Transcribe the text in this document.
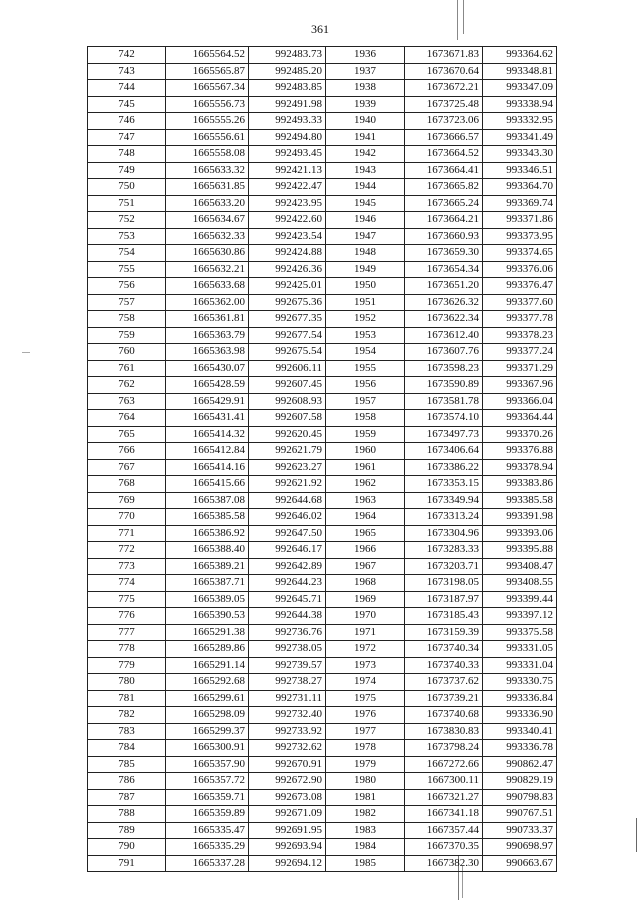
361
742	1665564.52	992483.73	1936	1673671.83	993364.62
743	1665565.87	992485.20	1937	1673670.64	993348.81
744	1665567.34	992483.85	1938	1673672.21	993347.09
745	1665556.73	992491.98	1939	1673725.48	993338.94
746	1665555.26	992493.33	1940	1673723.06	993332.95
747	1665556.61	992494.80	1941	1673666.57	993341.49
748	1665558.08	992493.45	1942	1673664.52	993343.30
749	1665633.32	992421.13	1943	1673664.41	993346.51
750	1665631.85	992422.47	1944	1673665.82	993364.70
751	1665633.20	992423.95	1945	1673665.24	993369.74
752	1665634.67	992422.60	1946	1673664.21	993371.86
753	1665632.33	992423.54	1947	1673660.93	993373.95
754	1665630.86	992424.88	1948	1673659.30	993374.65
755	1665632.21	992426.36	1949	1673654.34	993376.06
756	1665633.68	992425.01	1950	1673651.20	993376.47
757	1665362.00	992675.36	1951	1673626.32	993377.60
758	1665361.81	992677.35	1952	1673622.34	993377.78
759	1665363.79	992677.54	1953	1673612.40	993378.23
760	1665363.98	992675.54	1954	1673607.76	993377.24
761	1665430.07	992606.11	1955	1673598.23	993371.29
762	1665428.59	992607.45	1956	1673590.89	993367.96
763	1665429.91	992608.93	1957	1673581.78	993366.04
764	1665431.41	992607.58	1958	1673574.10	993364.44
765	1665414.32	992620.45	1959	1673497.73	993370.26
766	1665412.84	992621.79	1960	1673406.64	993376.88
767	1665414.16	992623.27	1961	1673386.22	993378.94
768	1665415.66	992621.92	1962	1673353.15	993383.86
769	1665387.08	992644.68	1963	1673349.94	993385.58
770	1665385.58	992646.02	1964	1673313.24	993391.98
771	1665386.92	992647.50	1965	1673304.96	993393.06
772	1665388.40	992646.17	1966	1673283.33	993395.88
773	1665389.21	992642.89	1967	1673203.71	993408.47
774	1665387.71	992644.23	1968	1673198.05	993408.55
775	1665389.05	992645.71	1969	1673187.97	993399.44
776	1665390.53	992644.38	1970	1673185.43	993397.12
777	1665291.38	992736.76	1971	1673159.39	993375.58
778	1665289.86	992738.05	1972	1673740.34	993331.05
779	1665291.14	992739.57	1973	1673740.33	993331.04
780	1665292.68	992738.27	1974	1673737.62	993330.75
781	1665299.61	992731.11	1975	1673739.21	993336.84
782	1665298.09	992732.40	1976	1673740.68	993336.90
783	1665299.37	992733.92	1977	1673830.83	993340.41
784	1665300.91	992732.62	1978	1673798.24	993336.78
785	1665357.90	992670.91	1979	1667272.66	990862.47
786	1665357.72	992672.90	1980	1667300.11	990829.19
787	1665359.71	992673.08	1981	1667321.27	990798.83
788	1665359.89	992671.09	1982	1667341.18	990767.51
789	1665335.47	992691.95	1983	1667357.44	990733.37
790	1665335.29	992693.94	1984	1667370.35	990698.97
791	1665337.28	992694.12	1985	1667382.30	990663.67
